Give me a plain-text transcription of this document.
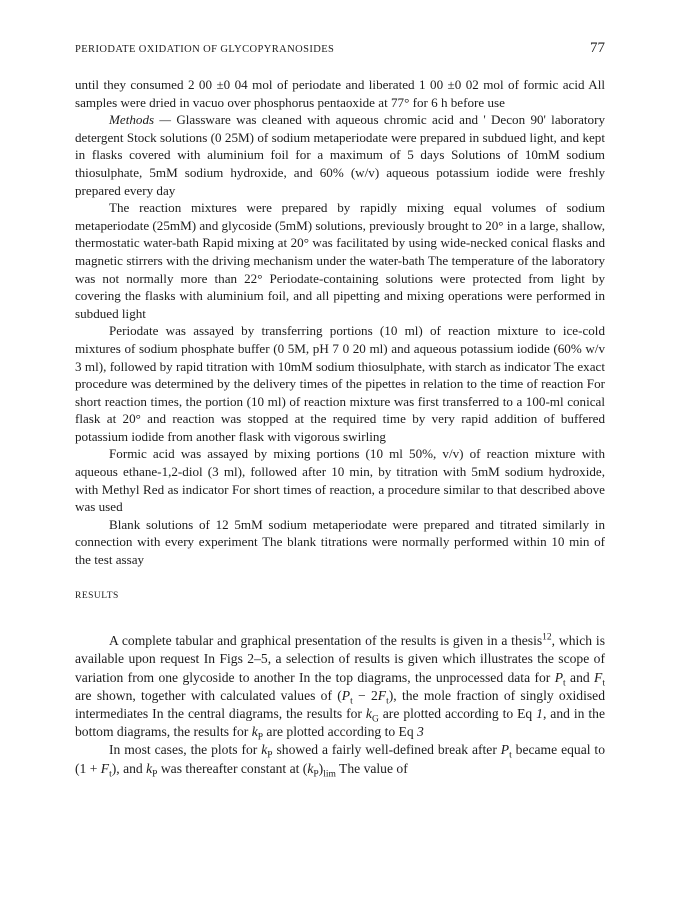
PERIODATE OXIDATION OF GLYCOPYRANOSIDES	77

until they consumed 2 00 ±0 04 mol of periodate and liberated 1 00 ±0 02 mol of formic acid All samples were dried in vacuo over phosphorus pentaoxide at 77° for 6 h before use

Methods — Glassware was cleaned with aqueous chromic acid and ' Decon 90' laboratory detergent Stock solutions (0 25M) of sodium metaperiodate were prepared in subdued light, and kept in flasks covered with aluminium foil for a maximum of 5 days Solutions of 10mM sodium thiosulphate, 5mM sodium hydroxide, and 60% (w/v) aqueous potassium iodide were freshly prepared every day

The reaction mixtures were prepared by rapidly mixing equal volumes of sodium metaperiodate (25mM) and glycoside (5mM) solutions, previously brought to 20° in a large, shallow, thermostatic water-bath Rapid mixing at 20° was facilitated by using wide-necked conical flasks and magnetic stirrers with the driving mechanism under the water-bath The temperature of the laboratory was not normally more than 22° Periodate-containing solutions were protected from light by covering the flasks with aluminium foil, and all pipetting and mixing operations were performed in subdued light

Periodate was assayed by transferring portions (10 ml) of reaction mixture to ice-cold mixtures of sodium phosphate buffer (0 5M, pH 7 0 20 ml) and aqueous potassium iodide (60% w/v 3 ml), followed by rapid titration with 10mM sodium thiosulphate, with starch as indicator The exact procedure was determined by the delivery times of the pipettes in relation to the time of reaction For short reaction times, the portion (10 ml) of reaction mixture was first transferred to a 100-ml conical flask at 20° and reaction was stopped at the required time by very rapid addition of buffered potassium iodide from another flask with vigorous swirling

Formic acid was assayed by mixing portions (10 ml 50%, v/v) of reaction mixture with aqueous ethane-1,2-diol (3 ml), followed after 10 min, by titration with 5mM sodium hydroxide, with Methyl Red as indicator For short times of reaction, a procedure similar to that described above was used

Blank solutions of 12 5mM sodium metaperiodate were prepared and titrated similarly in connection with every experiment The blank titrations were normally performed within 10 min of the test assay

RESULTS

A complete tabular and graphical presentation of the results is given in a thesis$^{12}$, which is available upon request In Figs 2–5, a selection of results is given which illustrates the scope of variation from one glycoside to another In the top diagrams, the unprocessed data for $P_t$ and $F_t$ are shown, together with calculated values of $(P_t - 2F_t)$, the mole fraction of singly oxidised intermediates In the central diagrams, the results for $k_G$ are plotted according to Eq 1, and in the bottom diagrams, the results for $k_P$ are plotted according to Eq 3

In most cases, the plots for $k_P$ showed a fairly well-defined break after $P_t$ became equal to $(1 + F_t)$, and $k_P$ was thereafter constant at $(k_P)_{lim}$ The value of
